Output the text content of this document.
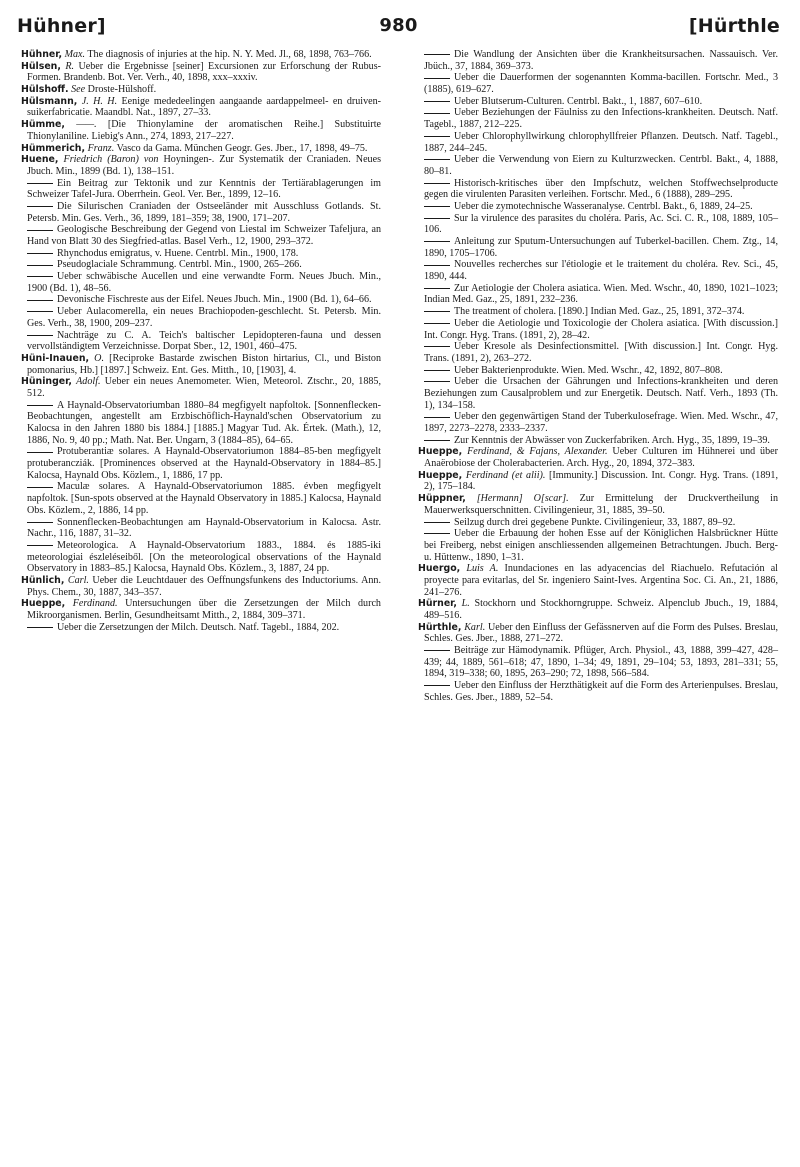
Hühner]	980	[Hürthle

Hühner, Max. The diagnosis of injuries at the hip. N. Y. Med. Jl., 68, 1898, 763–766.

Hülsen, R. Ueber die Ergebnisse [seiner] Excursionen zur Erforschung der Rubus-Formen. Brandenb. Bot. Ver. Verh., 40, 1898, xxx–xxxiv.

Hülshoff. See Droste-Hülshoff.

Hülsmann, J. H. H. Eenige mededeelingen aangaande aardappelmeel- en druiven-suikerfabricatie. Maandbl. Nat., 1897, 27–33.

Hümme, ——. [Die Thionylamine der aromatischen Reihe.] Substituirte Thionylaniline. Liebig's Ann., 274, 1893, 217–227.

Hümmerich, Franz. Vasco da Gama. München Geogr. Ges. Jber., 17, 1898, 49–75.

Huene, Friedrich (Baron) von Hoyningen-. Zur Systematik der Craniaden. Neues Jbuch. Min., 1899 (Bd. 1), 138–151.

Ein Beitrag zur Tektonik und zur Kenntnis der Tertiärablagerungen im Schweizer Tafel-Jura. Oberrhein. Geol. Ver. Ber., 1899, 12–16.

Die Silurischen Craniaden der Ostseeländer mit Ausschluss Gotlands. St. Petersb. Min. Ges. Verh., 36, 1899, 181–359; 38, 1900, 171–207.

Geologische Beschreibung der Gegend von Liestal im Schweizer Tafeljura, an Hand von Blatt 30 des Siegfried-atlas. Basel Verh., 12, 1900, 293–372.

Rhynchodus emigratus, v. Huene. Centrbl. Min., 1900, 178.

Pseudoglaciale Schrammung. Centrbl. Min., 1900, 265–266.

Ueber schwäbische Aucellen und eine verwandte Form. Neues Jbuch. Min., 1900 (Bd. 1), 48–56.

Devonische Fischreste aus der Eifel. Neues Jbuch. Min., 1900 (Bd. 1), 64–66.

Ueber Aulacomerella, ein neues Brachiopoden-geschlecht. St. Petersb. Min. Ges. Verh., 38, 1900, 209–237.

Nachträge zu C. A. Teich's baltischer Lepidopteren-fauna und dessen vervollständigtem Verzeichnisse. Dorpat Sber., 12, 1901, 460–475.

Hüni-Inauen, O. [Reciproke Bastarde zwischen Biston hirtarius, Cl., und Biston pomonarius, Hb.] [1897.] Schweiz. Ent. Ges. Mitth., 10, [1903], 4.

Hüninger, Adolf. Ueber ein neues Anemometer. Wien, Meteorol. Ztschr., 20, 1885, 512.

A Haynald-Observatoriumban 1880–84 megfigyelt napfoltok. [Sonnenflecken-Beobachtungen, angestellt am Erzbischöflich-Haynald'schen Observatorium zu Kalocsa in den Jahren 1880 bis 1884.] [1885.] Magyar Tud. Ak. Értek. (Math.), 12, 1886, No. 9, 40 pp.; Math. Nat. Ber. Ungarn, 3 (1884–85), 64–65.

Protuberantiæ solares. A Haynald-Observatoriumon 1884–85-ben megfigyelt protuberancziák. [Prominences observed at the Haynald-Observatory in 1884–85.] Kalocsa, Haynald Obs. Közlem., 1, 1886, 17 pp.

Maculæ solares. A Haynald-Observatoriumon 1885. évben megfigyelt napfoltok. [Sun-spots observed at the Haynald Observatory in 1885.] Kalocsa, Haynald Obs. Közlem., 2, 1886, 14 pp.

Sonnenflecken-Beobachtungen am Haynald-Observatorium in Kalocsa. Astr. Nachr., 116, 1887, 31–32.

Meteorologica. A Haynald-Observatorium 1883., 1884. és 1885-iki meteorologiai észleléseiből. [On the meteorological observations of the Haynald Observatory in 1883–85.] Kalocsa, Haynald Obs. Közlem., 3, 1887, 24 pp.

Hünlich, Carl. Ueber die Leuchtdauer des Oeffnungsfunkens des Inductoriums. Ann. Phys. Chem., 30, 1887, 343–357.

Hueppe, Ferdinand. Untersuchungen über die Zersetzungen der Milch durch Mikroorganismen. Berlin, Gesundheitsamt Mitth., 2, 1884, 309–371.

Ueber die Zersetzungen der Milch. Deutsch. Natf. Tagebl., 1884, 202.

Die Wandlung der Ansichten über die Krankheitsursachen. Nassauisch. Ver. Jbüch., 37, 1884, 369–373.

Ueber die Dauerformen der sogenannten Komma-bacillen. Fortschr. Med., 3 (1885), 619–627.

Ueber Blutserum-Culturen. Centrbl. Bakt., 1, 1887, 607–610.

Ueber Beziehungen der Fäulniss zu den Infections-krankheiten. Deutsch. Natf. Tagebl., 1887, 212–225.

Ueber Chlorophyllwirkung chlorophyllfreier Pflanzen. Deutsch. Natf. Tagebl., 1887, 244–245.

Ueber die Verwendung von Eiern zu Kulturzwecken. Centrbl. Bakt., 4, 1888, 80–81.

Historisch-kritisches über den Impfschutz, welchen Stoffwechselproducte gegen die virulenten Parasiten verleihen. Fortschr. Med., 6 (1888), 289–295.

Ueber die zymotechnische Wasseranalyse. Centrbl. Bakt., 6, 1889, 24–25.

Sur la virulence des parasites du choléra. Paris, Ac. Sci. C. R., 108, 1889, 105–106.

Anleitung zur Sputum-Untersuchungen auf Tuberkel-bacillen. Chem. Ztg., 14, 1890, 1705–1706.

Nouvelles recherches sur l'étiologie et le traitement du choléra. Rev. Sci., 45, 1890, 444.

Zur Aetiologie der Cholera asiatica. Wien. Med. Wschr., 40, 1890, 1021–1023; Indian Med. Gaz., 25, 1891, 232–236.

The treatment of cholera. [1890.] Indian Med. Gaz., 25, 1891, 372–374.

Ueber die Aetiologie und Toxicologie der Cholera asiatica. [With discussion.] Int. Congr. Hyg. Trans. (1891, 2), 28–42.

Ueber Kresole als Desinfectionsmittel. [With discussion.] Int. Congr. Hyg. Trans. (1891, 2), 263–272.

Ueber Bakterienprodukte. Wien. Med. Wschr., 42, 1892, 807–808.

Ueber die Ursachen der Gährungen und Infections-krankheiten und deren Beziehungen zum Causalproblem und zur Energetik. Deutsch. Natf. Verh., 1893 (Th. 1), 134–158.

Ueber den gegenwärtigen Stand der Tuberkulosefrage. Wien. Med. Wschr., 47, 1897, 2273–2278, 2333–2337.

Zur Kenntnis der Abwässer von Zuckerfabriken. Arch. Hyg., 35, 1899, 19–39.

Hueppe, Ferdinand, & Fajans, Alexander. Ueber Culturen im Hühnerei und über Anaërobiose der Cholerabacterien. Arch. Hyg., 20, 1894, 372–383.

Hueppe, Ferdinand (et alii). [Immunity.] Discussion. Int. Congr. Hyg. Trans. (1891, 2), 175–184.

Hüppner, [Hermann] O[scar]. Zur Ermittelung der Druckvertheilung in Mauerwerksquerschnitten. Civilingenieur, 31, 1885, 39–50.

Seilzug durch drei gegebene Punkte. Civilingenieur, 33, 1887, 89–92.

Ueber die Erbauung der hohen Esse auf der Königlichen Halsbrückner Hütte bei Freiberg, nebst einigen anschliessenden allgemeinen Betrachtungen. Jbuch. Berg- u. Hüttenw., 1890, 1–31.

Huergo, Luis A. Inundaciones en las adyacencias del Riachuelo. Refutación al proyecte para evitarlas, del Sr. ingeniero Saint-Ives. Argentina Soc. Ci. An., 21, 1886, 241–276.

Hürner, L. Stockhorn und Stockhorngruppe. Schweiz. Alpenclub Jbuch., 19, 1884, 489–516.

Hürthle, Karl. Ueber den Einfluss der Gefässnerven auf die Form des Pulses. Breslau, Schles. Ges. Jber., 1888, 271–272.

Beiträge zur Hämodynamik. Pflüger, Arch. Physiol., 43, 1888, 399–427, 428–439; 44, 1889, 561–618; 47, 1890, 1–34; 49, 1891, 29–104; 53, 1893, 281–331; 55, 1894, 319–338; 60, 1895, 263–290; 72, 1898, 566–584.

Ueber den Einfluss der Herzthätigkeit auf die Form des Arterienpulses. Breslau, Schles. Ges. Jber., 1889, 52–54.
